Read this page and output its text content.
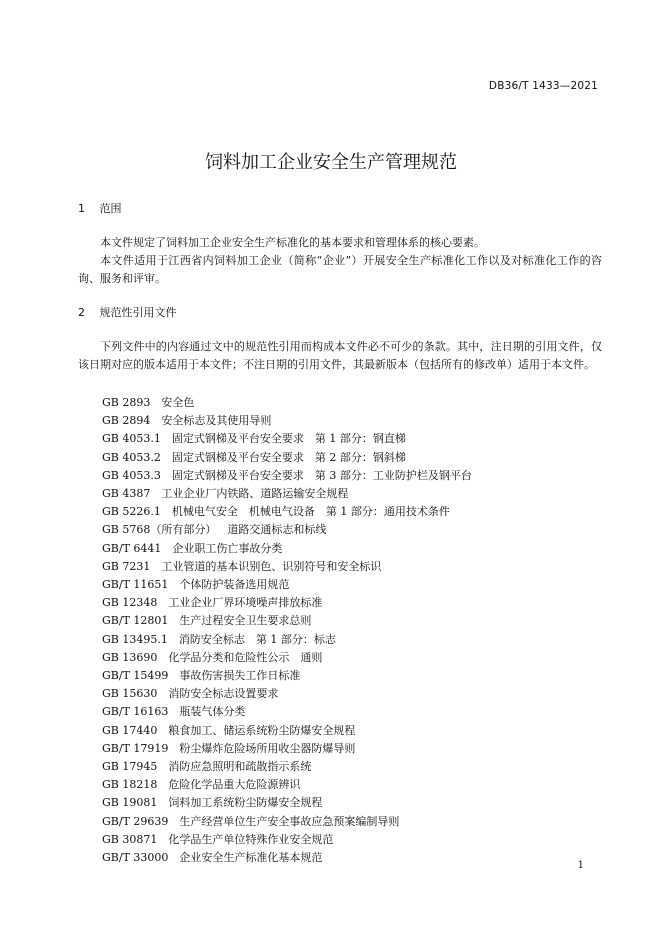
DB36/T 1433—2021
饲料加工企业安全生产管理规范
1 范围

本文件规定了饲料加工企业安全生产标准化的基本要求和管理体系的核心要素。

本文件适用于江西省内饲料加工企业（简称“企业”）开展安全生产标准化工作以及对标准化工作的咨询、服务和评审。

2 规范性引用文件

下列文件中的内容通过文中的规范性引用而构成本文件必不可少的条款。其中，注日期的引用文件，仅该日期对应的版本适用于本文件；不注日期的引用文件，其最新版本（包括所有的修改单）适用于本文件。

GB 2893 安全色
GB 2894 安全标志及其使用导则
GB 4053.1 固定式钢梯及平台安全要求　第 1 部分：钢直梯
GB 4053.2 固定式钢梯及平台安全要求　第 2 部分：钢斜梯
GB 4053.3 固定式钢梯及平台安全要求　第 3 部分：工业防护栏及钢平台
GB 4387 工业企业厂内铁路、道路运输安全规程
GB 5226.1 机械电气安全　机械电气设备　第 1 部分：通用技术条件
GB 5768（所有部分） 道路交通标志和标线
GB/T 6441 企业职工伤亡事故分类
GB 7231 工业管道的基本识别色、识别符号和安全标识
GB/T 11651 个体防护装备选用规范
GB 12348 工业企业厂界环境噪声排放标准
GB/T 12801 生产过程安全卫生要求总则
GB 13495.1 消防安全标志　第 1 部分：标志
GB 13690 化学品分类和危险性公示　通则
GB/T 15499 事故伤害损失工作日标准
GB 15630 消防安全标志设置要求
GB/T 16163 瓶装气体分类
GB 17440 粮食加工、储运系统粉尘防爆安全规程
GB/T 17919 粉尘爆炸危险场所用收尘器防爆导则
GB 17945 消防应急照明和疏散指示系统
GB 18218 危险化学品重大危险源辨识
GB 19081 饲料加工系统粉尘防爆安全规程
GB/T 29639 生产经营单位生产安全事故应急预案编制导则
GB 30871 化学品生产单位特殊作业安全规范
GB/T 33000 企业安全生产标准化基本规范
1
